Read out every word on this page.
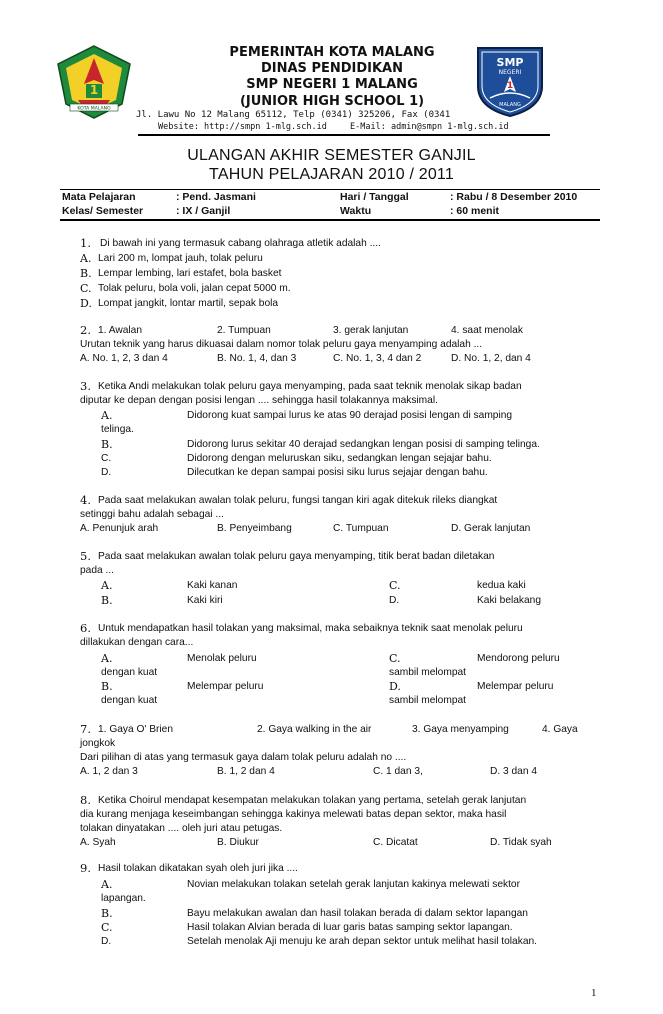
1
KOTA MALANG
PEMERINTAH KOTA MALANG
DINAS PENDIDIKAN
SMP NEGERI 1 MALANG
(JUNIOR HIGH SCHOOL 1)
Jl. Lawu No 12 Malang 65112, Telp (0341) 325206, Fax (0341
Website: http://smpn 1-mlg.sch.id	E-Mail: admin@smpn 1-mlg.sch.id
SMP
NEGERI
1
MALANG
ULANGAN AKHIR SEMESTER GANJIL
TAHUN PELAJARAN 2010 / 2011
Mata Pelajaran	: Pend. Jasmani	Hari / Tanggal	: Rabu / 8 Desember 2010
Kelas/ Semester	: IX / Ganjil	Waktu	: 60 menit
1. Di bawah ini yang termasuk cabang olahraga atletik adalah ....
A. Lari 200 m, lompat jauh, tolak peluru
B. Lempar lembing, lari estafet, bola basket
C. Tolak peluru, bola voli, jalan cepat 5000 m.
D. Lompat jangkit, lontar martil, sepak bola
2. 1. Awalan	2. Tumpuan	3. gerak lanjutan	4. saat menolak
Urutan teknik yang harus dikuasai dalam nomor tolak peluru gaya menyamping adalah ...
A. No. 1, 2, 3 dan 4	B. No. 1, 4, dan 3	C. No. 1, 3, 4 dan 2	D. No. 1, 2, dan 4
3. Ketika Andi melakukan tolak peluru gaya menyamping, pada saat teknik menolak sikap badan
diputar ke depan dengan posisi lengan .... sehingga hasil tolakannya maksimal.
A.	Didorong kuat sampai lurus ke atas 90 derajad posisi lengan di samping
telinga.
B.	Didorong lurus sekitar 40 derajad sedangkan lengan posisi di samping telinga.
C.	Didorong dengan meluruskan siku, sedangkan lengan sejajar bahu.
D.	Dilecutkan ke depan sampai posisi siku lurus sejajar dengan bahu.
4. Pada saat melakukan awalan tolak peluru, fungsi tangan kiri agak ditekuk rileks diangkat
setinggi bahu adalah sebagai ...
A. Penunjuk arah	B. Penyeimbang	C. Tumpuan	D. Gerak lanjutan
5. Pada saat melakukan awalan tolak peluru gaya menyamping, titik berat badan diletakan
pada ...
A.	Kaki kanan
B.	Kaki kiri
C.	kedua kaki
D.	Kaki belakang
6. Untuk mendapatkan hasil tolakan yang maksimal, maka sebaiknya teknik saat menolak peluru
dillakukan dengan cara...
A.	Menolak peluru
dengan kuat
C.	Mendorong peluru
sambil melompat
B.	Melempar peluru
dengan kuat
D.	Melempar peluru
sambil melompat
7. 1. Gaya O' Brien	2. Gaya walking in the air	3. Gaya menyamping	4. Gaya
jongkok
Dari pilihan di atas yang termasuk gaya dalam tolak peluru adalah no ....
A. 1, 2 dan 3	B. 1, 2 dan 4	C. 1 dan 3,	D. 3 dan 4
8. Ketika Choirul mendapat kesempatan melakukan tolakan yang pertama, setelah gerak lanjutan
dia kurang menjaga keseimbangan sehingga kakinya melewati batas depan sektor, maka hasil
tolakan dinyatakan .... oleh juri atau petugas.
A. Syah	B. Diukur	C. Dicatat	D. Tidak syah
9. Hasil tolakan dikatakan syah oleh juri jika ....
A.	Novian melakukan tolakan setelah gerak lanjutan kakinya melewati sektor
lapangan.
B.	Bayu melakukan awalan dan hasil tolakan berada di dalam sektor lapangan
C.	Hasil tolakan Alvian berada di luar garis batas samping sektor lapangan.
D.	Setelah menolak Aji menuju ke arah depan sektor untuk melihat hasil tolakan.
1
